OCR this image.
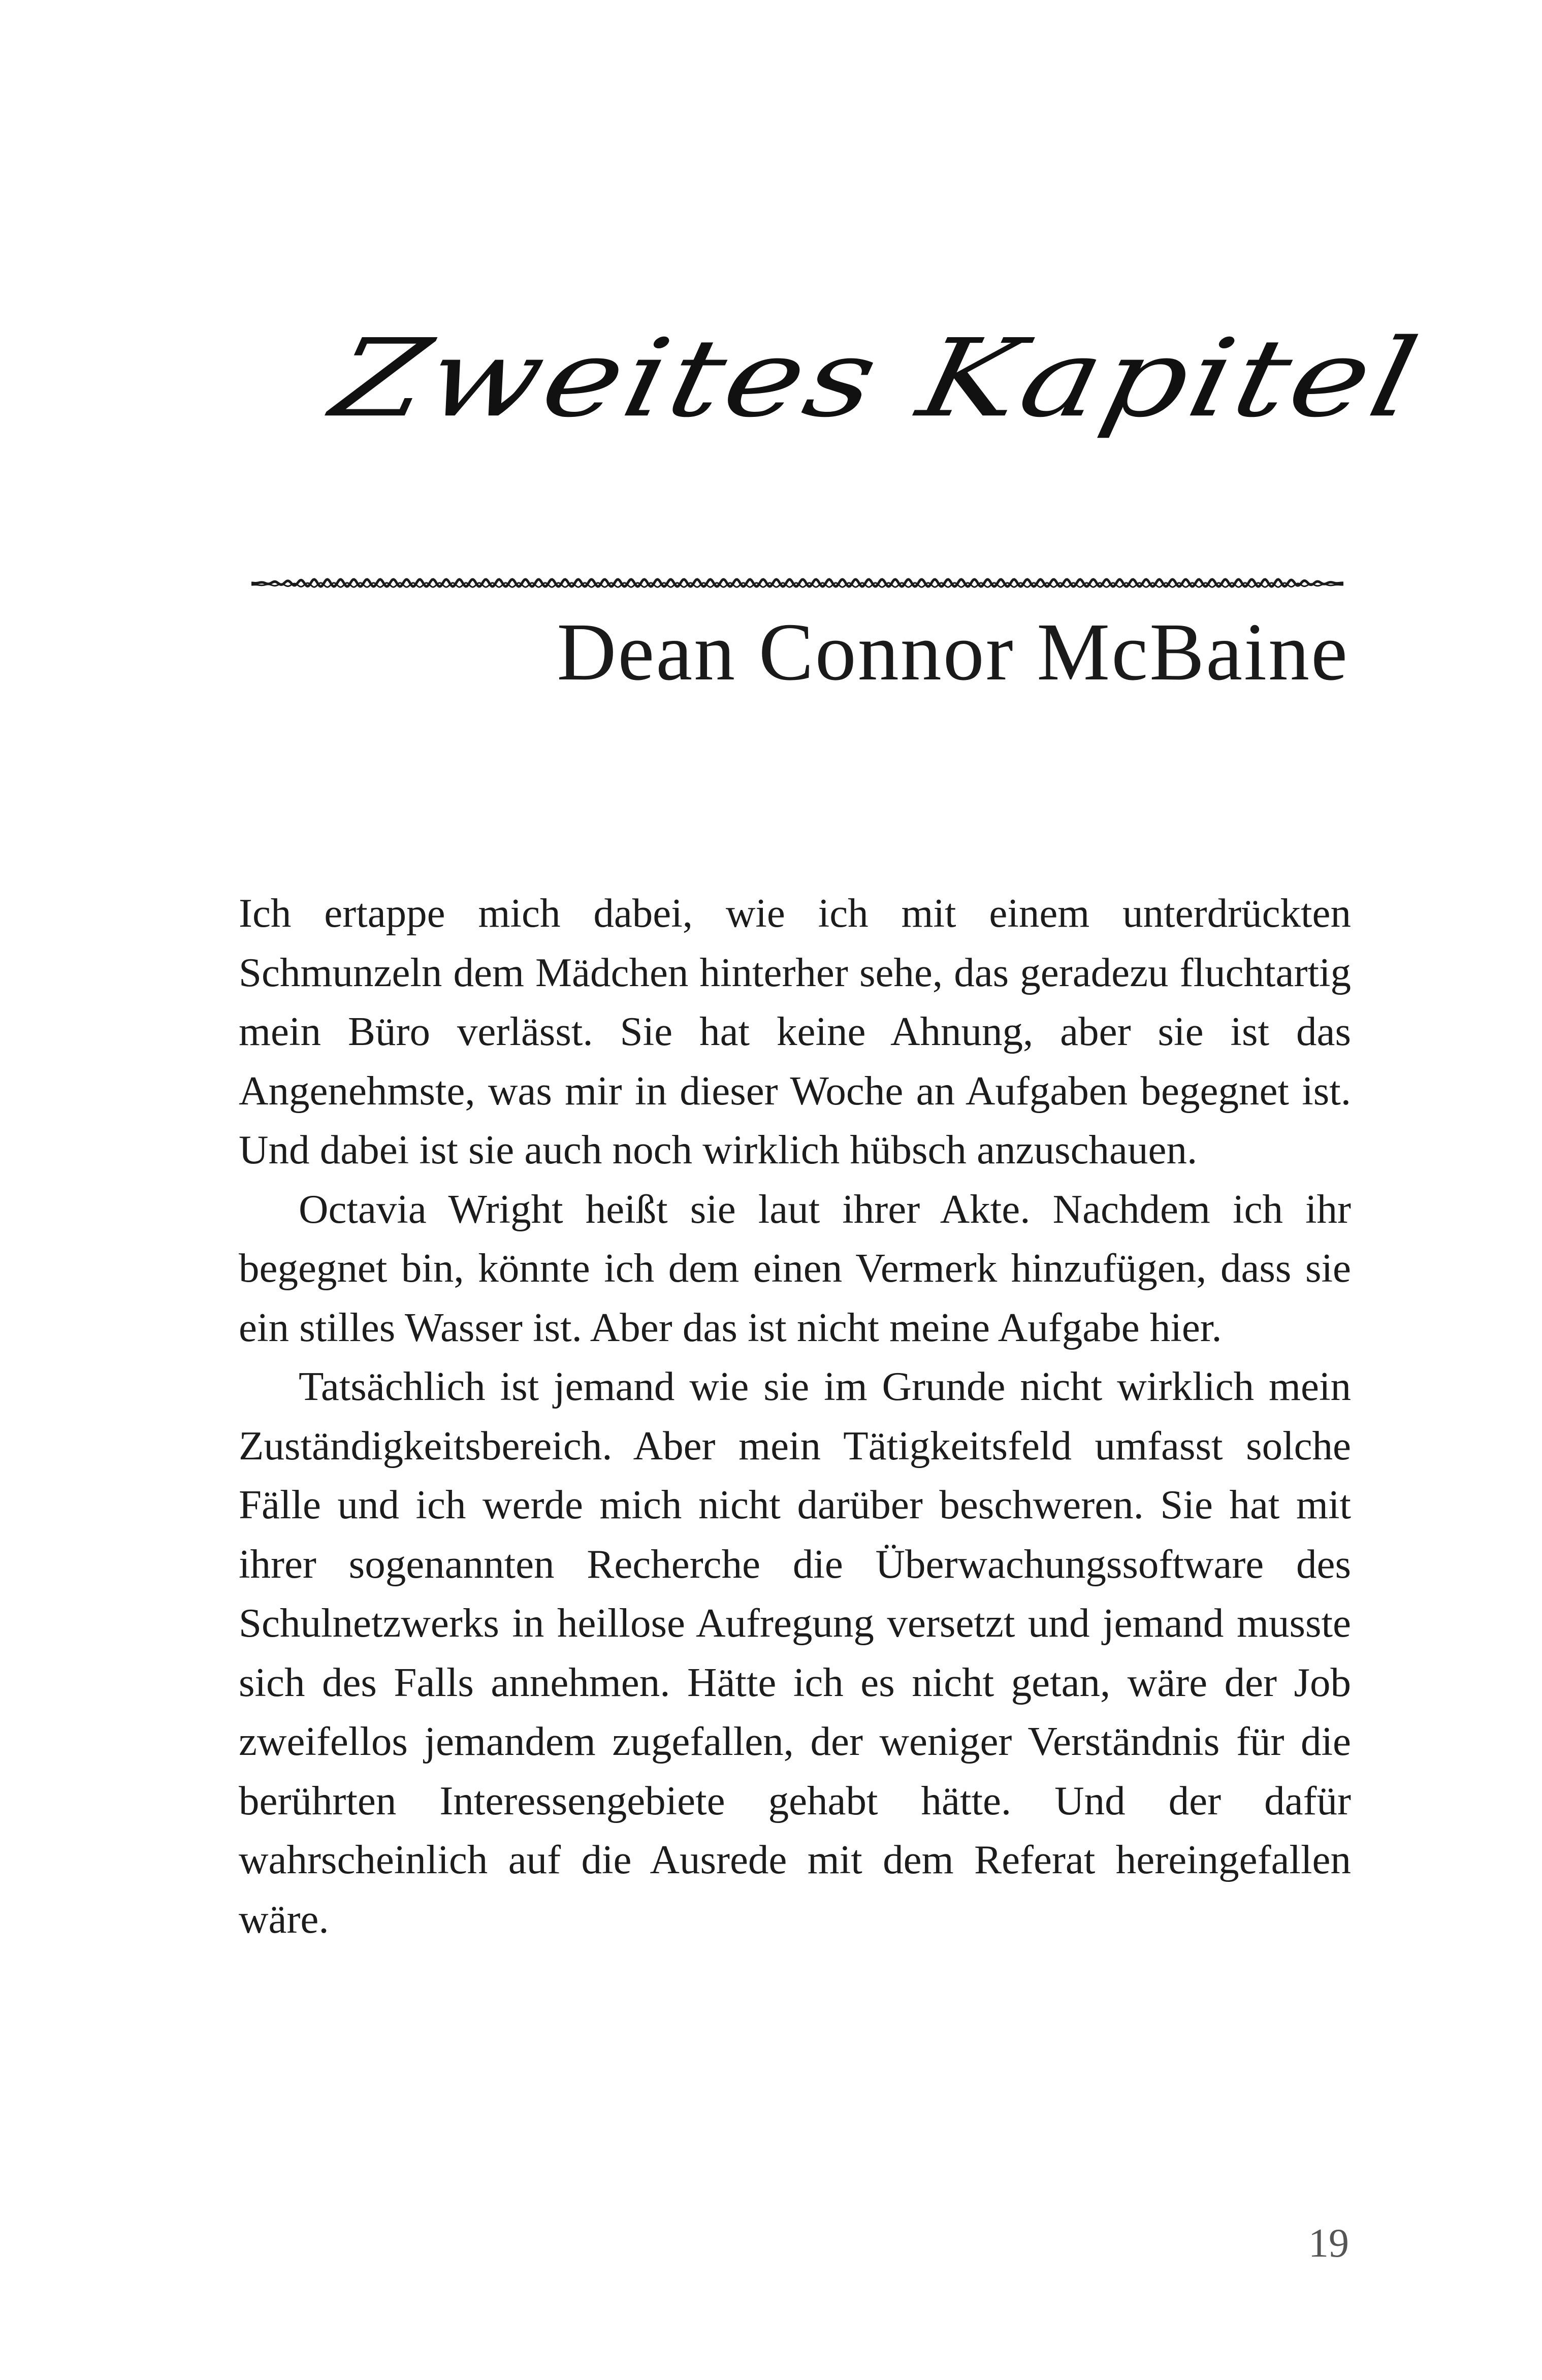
Zweites Kapitel
Dean Connor McBaine

Ich ertappe mich dabei, wie ich mit einem unterdrückten Schmunzeln dem Mädchen hinterher sehe, das geradezu fluchtartig mein Büro verlässt. Sie hat keine Ahnung, aber sie ist das Angenehmste, was mir in dieser Woche an Aufgaben begegnet ist. Und dabei ist sie auch noch wirklich hübsch anzuschauen.

Octavia Wright heißt sie laut ihrer Akte. Nachdem ich ihr begegnet bin, könnte ich dem einen Vermerk hinzufügen, dass sie ein stilles Wasser ist. Aber das ist nicht meine Aufgabe hier.

Tatsächlich ist jemand wie sie im Grunde nicht wirklich mein Zuständigkeitsbereich. Aber mein Tätigkeitsfeld umfasst solche Fälle und ich werde mich nicht darüber beschweren. Sie hat mit ihrer sogenannten Recherche die Überwachungssoftware des Schulnetzwerks in heillose Aufregung versetzt und jemand musste sich des Falls annehmen. Hätte ich es nicht getan, wäre der Job zweifellos jemandem zugefallen, der weniger Verständnis für die berührten Interessengebiete gehabt hätte. Und der dafür wahrscheinlich auf die Ausrede mit dem Referat hereingefallen wäre.

19
